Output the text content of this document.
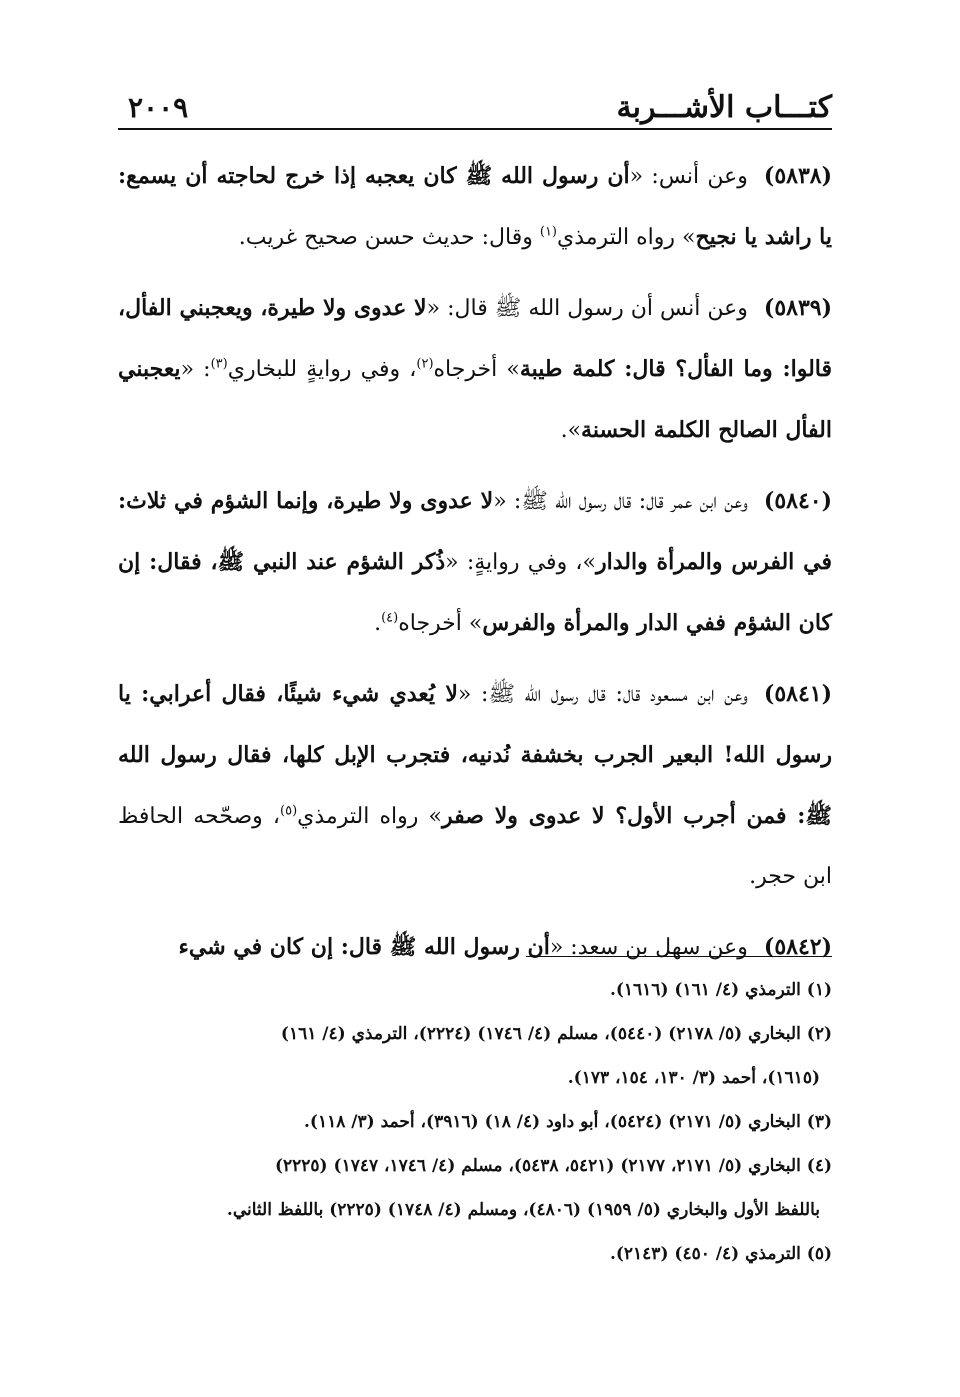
كتـــاب الأشـــربة
٢٠٠٩

(٥٨٣٨)وعن أنس: «أن رسول الله ﷺ كان يعجبه إذا خرج لحاجته أن يسمع: يا راشد يا نجيح» رواه الترمذي$^{(١)}$ وقال: حديث حسن صحيح غريب.

(٥٨٣٩)وعن أنس أن رسول الله ﷺ قال: «لا عدوى ولا طيرة، ويعجبني الفأل، قالوا: وما الفأل؟ قال: كلمة طيبة» أخرجاه$^{(٢)}$، وفي روايةٍ للبخاري$^{(٣)}$: «يعجبني الفأل الصالح الكلمة الحسنة».

(٥٨٤٠)وعن ابن عمر قال: قال رسول الله ﷺ: «لا عدوى ولا طيرة، وإنما الشؤم في ثلاث: في الفرس والمرأة والدار»، وفي روايةٍ: «ذُكر الشؤم عند النبي ﷺ، فقال: إن كان الشؤم ففي الدار والمرأة والفرس» أخرجاه$^{(٤)}$.

(٥٨٤١)وعن ابن مسعود قال: قال رسول الله ﷺ: «لا يُعدي شيء شيئًا، فقال أعرابي: يا رسول الله! البعير الجرب بخشفة نُدنيه، فتجرب الإبل كلها، فقال رسول الله ﷺ: فمن أجرب الأول؟ لا عدوى ولا صفر» رواه الترمذي$^{(٥)}$، وصحّحه الحافظ ابن حجر.

(٥٨٤٢)وعن سهل بن سعد: «أن رسول الله ﷺ قال: إن كان في شيء

(١) الترمذي (٤/ ١٦١) (١٦١٦).
(٢) البخاري (٥/ ٢١٧٨) (٥٤٤٠)، مسلم (٤/ ١٧٤٦) (٢٢٢٤)، الترمذي (٤/ ١٦١)
(١٦١٥)، أحمد (٣/ ١٣٠، ١٥٤، ١٧٣).
(٣) البخاري (٥/ ٢١٧١) (٥٤٢٤)، أبو داود (٤/ ١٨) (٣٩١٦)، أحمد (٣/ ١١٨).
(٤) البخاري (٥/ ٢١٧١، ٢١٧٧) (٥٤٢١، ٥٤٣٨)، مسلم (٤/ ١٧٤٦، ١٧٤٧) (٢٢٢٥)
باللفظ الأول والبخاري (٥/ ١٩٥٩) (٤٨٠٦)، ومسلم (٤/ ١٧٤٨) (٢٢٢٥) باللفظ الثاني.
(٥) الترمذي (٤/ ٤٥٠) (٢١٤٣).
